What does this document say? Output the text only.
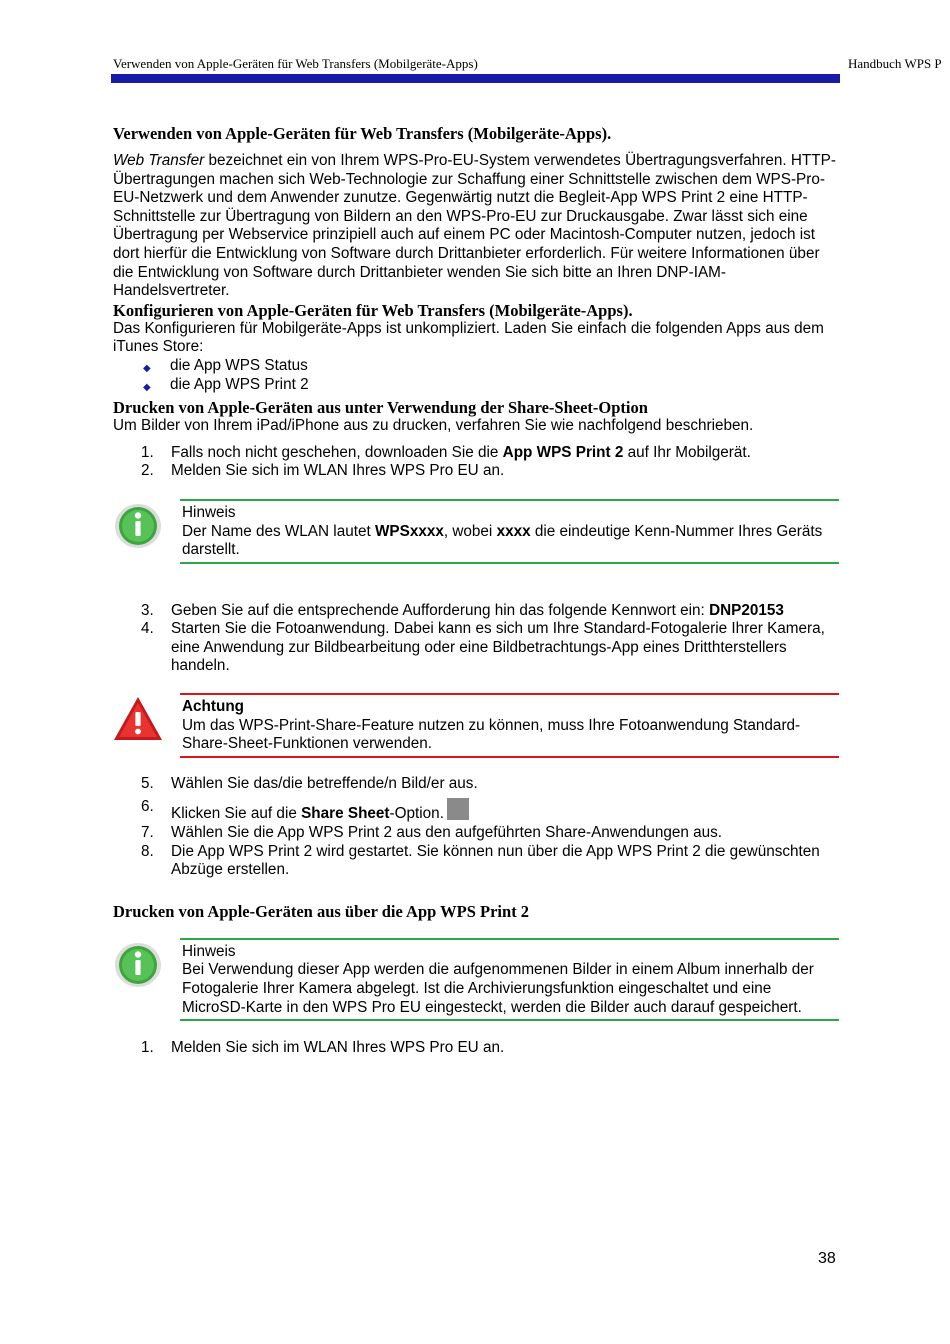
Verwenden von Apple-Geräten für Web Transfers (Mobilgeräte-Apps)	Handbuch WPS P
Verwenden von Apple-Geräten für Web Transfers (Mobilgeräte-Apps).

Web Transfer bezeichnet ein von Ihrem WPS-Pro-EU-System verwendetes Übertragungsverfahren. HTTP-Übertragungen machen sich Web-Technologie zur Schaffung einer Schnittstelle zwischen dem WPS-Pro-EU-Netzwerk und dem Anwender zunutze. Gegenwärtig nutzt die Begleit-App WPS Print 2 eine HTTP-Schnittstelle zur Übertragung von Bildern an den WPS-Pro-EU zur Druckausgabe. Zwar lässt sich eine Übertragung per Webservice prinzipiell auch auf einem PC oder Macintosh-Computer nutzen, jedoch ist dort hierfür die Entwicklung von Software durch Drittanbieter erforderlich. Für weitere Informationen über die Entwicklung von Software durch Drittanbieter wenden Sie sich bitte an Ihren DNP-IAM-Handelsvertreter.

Konfigurieren von Apple-Geräten für Web Transfers (Mobilgeräte-Apps).

Das Konfigurieren für Mobilgeräte-Apps ist unkompliziert. Laden Sie einfach die folgenden Apps aus dem iTunes Store:

◆ die App WPS Status
◆ die App WPS Print 2
Drucken von Apple-Geräten aus unter Verwendung der Share-Sheet-Option

Um Bilder von Ihrem iPad/iPhone aus zu drucken, verfahren Sie wie nachfolgend beschrieben.

1. Falls noch nicht geschehen, downloaden Sie die App WPS Print 2 auf Ihr Mobilgerät.
2. Melden Sie sich im WLAN Ihres WPS Pro EU an.
Hinweis
Der Name des WLAN lautet WPSxxxx, wobei xxxx die eindeutige Kenn-Nummer Ihres Geräts darstellt.
3. Geben Sie auf die entsprechende Aufforderung hin das folgende Kennwort ein: DNP20153
4. Starten Sie die Fotoanwendung. Dabei kann es sich um Ihre Standard-Fotogalerie Ihrer Kamera, eine Anwendung zur Bildbearbeitung oder eine Bildbetrachtungs-App eines Dritthterstellers handeln.
Achtung
Um das WPS-Print-Share-Feature nutzen zu können, muss Ihre Fotoanwendung Standard-Share-Sheet-Funktionen verwenden.
5. Wählen Sie das/die betreffende/n Bild/er aus.
6. Klicken Sie auf die Share Sheet-Option.
7. Wählen Sie die App WPS Print 2 aus den aufgeführten Share-Anwendungen aus.
8. Die App WPS Print 2 wird gestartet. Sie können nun über die App WPS Print 2 die gewünschten Abzüge erstellen.
Drucken von Apple-Geräten aus über die App WPS Print 2
Hinweis
Bei Verwendung dieser App werden die aufgenommenen Bilder in einem Album innerhalb der Fotogalerie Ihrer Kamera abgelegt. Ist die Archivierungsfunktion eingeschaltet und eine MicroSD-Karte in den WPS Pro EU eingesteckt, werden die Bilder auch darauf gespeichert.
1. Melden Sie sich im WLAN Ihres WPS Pro EU an.
38
